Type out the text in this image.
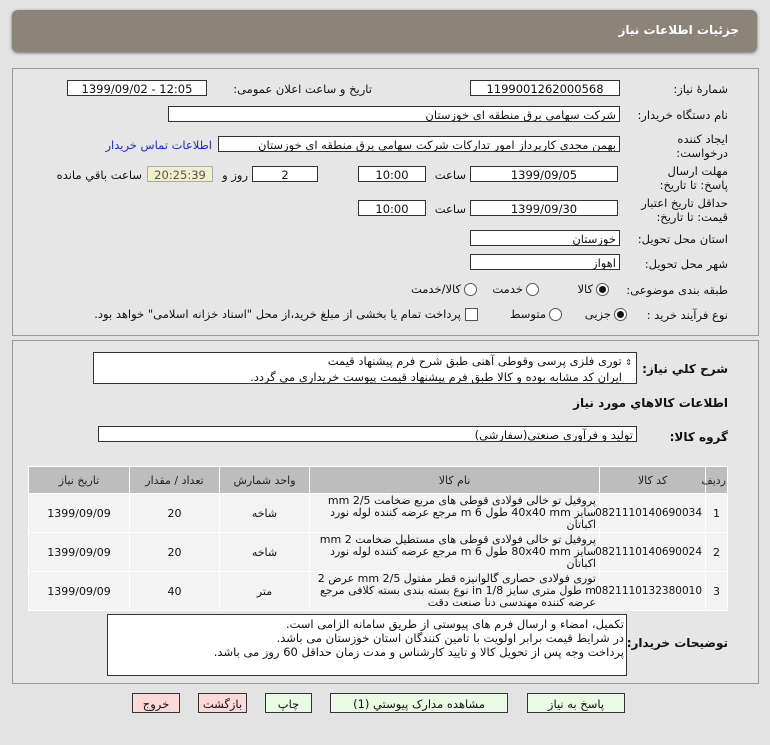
جزئیات اطلاعات نیاز
شمارهٔ نیاز:
1199001262000568
تاریخ و ساعت اعلان عمومی:
1399/09/02 - 12:05
نام دستگاه خریدار:
شرکت سهامی برق منطقه ای خوزستان
ایجاد کننده درخواست:
بهمن مجدی کارپرداز امور تدارکات شرکت سهامی برق منطقه ای خوزستان
اطلاعات تماس خریدار
مهلت ارسال پاسخ: تا تاریخ:
1399/09/05
ساعت
10:00
2
روز و
20:25:39
ساعت باقي مانده
حداقل تاریخ اعتبار قیمت: تا تاریخ:
1399/09/30
ساعت
10:00
استان محل تحویل:
خوزستان
شهر محل تحویل:
اهواز
طبقه بندی موضوعی:
کالا
خدمت
کالا/خدمت
نوع فرآیند خرید :
جزیی
متوسط
پرداخت تمام یا بخشی از مبلغ خرید،از محل "اسناد خزانه اسلامی" خواهد بود.
شرح کلي نياز:
⇕ توری فلزی پرسی وقوطی آهنی طبق شرح فرم پیشنهاد قیمت
ایران کد مشابه بوده و کالا طبق فرم پیشنهاد قیمت پیوست خریداری می گردد.
اطلاعات کالاهاي مورد نياز
گروه کالا:
تولید و فرآوری صنعتی(سفارشی)
ردیف	کد کالا	نام کالا	واحد شمارش	تعداد / مقدار	تاریخ نیاز
1	0821110140690034	پروفیل تو خالی فولادی قوطی های مربع ضخامت 2/5 mm سایز 40x40 mm طول 6 m مرجع عرضه کننده لوله نورد اکباتان	شاخه	20	1399/09/09
2	0821110140690024	پروفیل تو خالی فولادی قوطی های مستطیل ضخامت 2 mm سایز 80x40 mm طول 6 m مرجع عرضه کننده لوله نورد اکباتان	شاخه	20	1399/09/09
3	0821110132380010	توری فولادی حصاری گالوانیزه قطر مفتول 2/5 mm عرض 2 m طول متری سایز 1/8 in نوع بسته بندی بسته کلافی مرجع عرضه کننده مهندسی دنا صنعت دقت	متر	40	1399/09/09
توضیحات خریدار:
تکمیل، امضاء و ارسال فرم های پیوستی از طریق سامانه الزامی است.
در شرایط قیمت برابر اولویت با تامین کنندگان استان خوزستان می باشد.
پرداخت وجه پس از تحویل کالا و تایید کارشناس و مدت زمان حداقل 60 روز می باشد.
پاسخ به نیاز
مشاهده مدارک پیوستي (1)
چاپ
بازگشت
خروج
